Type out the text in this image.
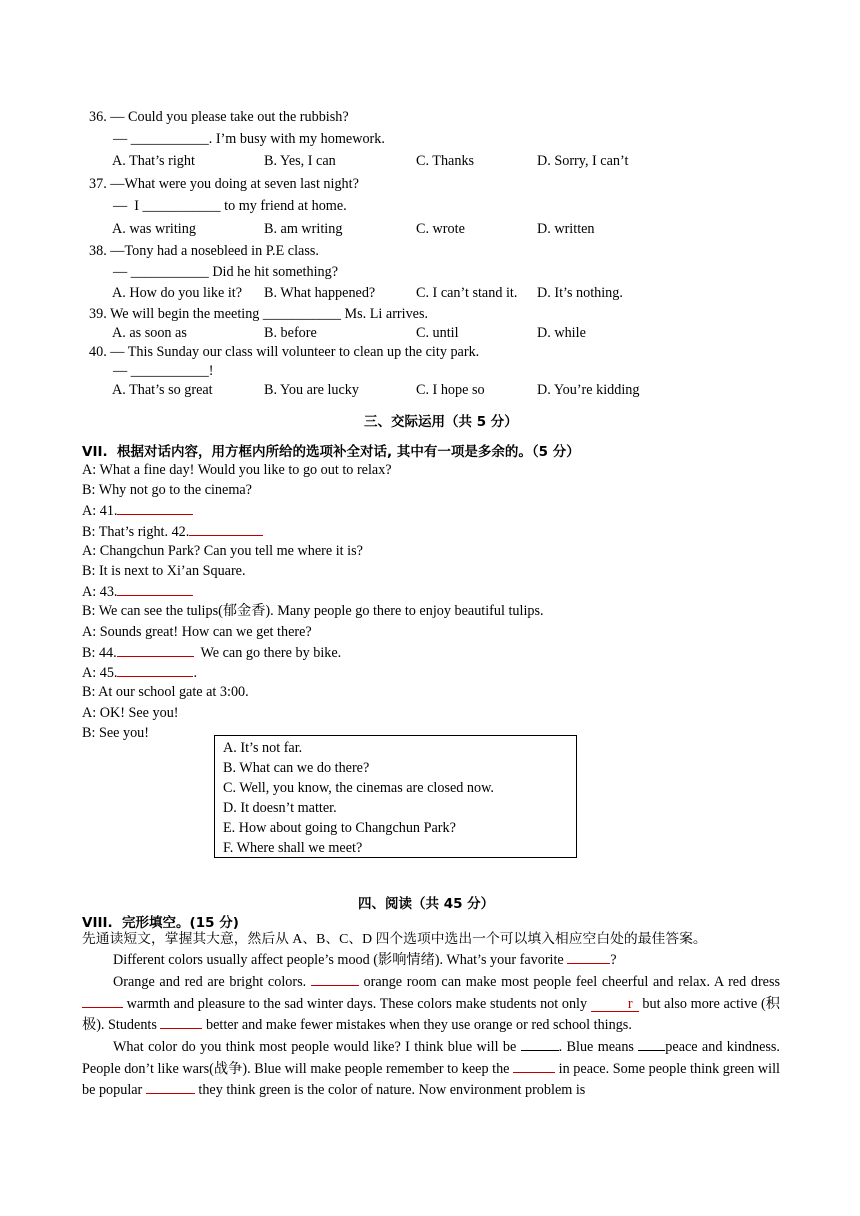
36. — Could you please take out the rubbish?
— ___________. I’m busy with my homework.
A. That’s right	B. Yes, I can	C. Thanks	D. Sorry, I can’t
37. —What were you doing at seven last night?
—  I ___________ to my friend at home.
A. was writing	B. am writing	C. wrote	D. written
38. —Tony had a nosebleed in P.E class.
— ___________ Did he hit something?
A. How do you like it? B. What happened?	C. I can’t stand it. D. It’s nothing.
39. We will begin the meeting ___________ Ms. Li arrives.
A. as soon as	B. before	C. until	D. while
40. — This Sunday our class will volunteer to clean up the city park.
— ___________!
A. That’s so great	B. You are lucky	C. I hope so	D. You’re kidding
三、交际运用（共 5 分）
VII.  根据对话内容，用方框内所给的选项补全对话, 其中有一项是多余的。（5 分）
A: What a fine day! Would you like to go out to relax?
B: Why not go to the cinema?
A: 41.
B: That’s right. 42.
A: Changchun Park? Can you tell me where it is?
B: It is next to Xi’an Square.
A: 43.
B: We can see the tulips(郁金香). Many people go there to enjoy beautiful tulips.
A: Sounds great! How can we get there?
B: 44.	We can go there by bike.
A: 45.	.
B: At our school gate at 3:00.
A: OK! See you!
B: See you!
A. It’s not far.
B. What can we do there?
C. Well, you know, the cinemas are closed now.
D. It doesn’t matter.
E. How about going to Changchun Park?
F. Where shall we meet?
四、阅读（共 45 分）
VIII.  完形填空。(15 分)
先通读短文，掌握其大意，然后从 A、B、C、D 四个选项中选出一个可以填入相应空白处的最佳答案。
Different colors usually affect people’s mood (影响情绪). What’s your favorite	?
Orange and red are bright colors.	orange room can make most people feel cheerful and relax. A red dress  warmth and pleasure to the sad winter days. These colors make students not only	r but also more active (积极). Students	better and make fewer mistakes when they use orange or red school things.
What color do you think most people would like? I think blue will be	. Blue means peace and kindness. People don’t like wars(战争). Blue will make people remember to keep the	in peace. Some people think green will be popular	they think green is the color of nature. Now environment problem is
